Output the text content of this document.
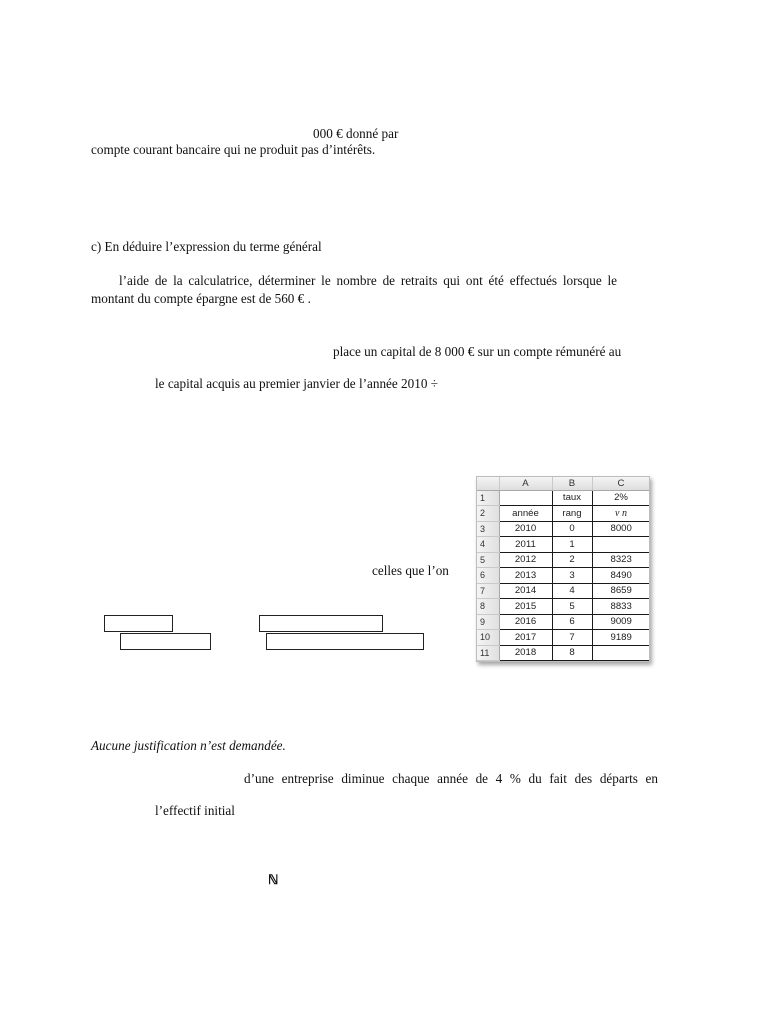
000 € donné par

compte courant bancaire qui ne produit pas d’intérêts.

c) En déduire l’expression du terme général

l’aide de la calculatrice, déterminer le nombre de retraits qui ont été effectués lorsque le

montant du compte épargne est de 560 € .

place un capital de 8 000 € sur un compte rémunéré au

le capital acquis au premier janvier de l’année 2010 ÷

celles que l’on

	A	B	C
1		taux	2%
2	année	rang	v n
3	2010	0	8000
4	2011	1	
5	2012	2	8323
6	2013	3	8490
7	2014	4	8659
8	2015	5	8833
9	2016	6	9009
10	2017	7	9189
11	2018	8	

Aucune justification n’est demandée.

d’une entreprise diminue chaque année de 4 % du fait des départs en

l’effectif initial

ℕ
